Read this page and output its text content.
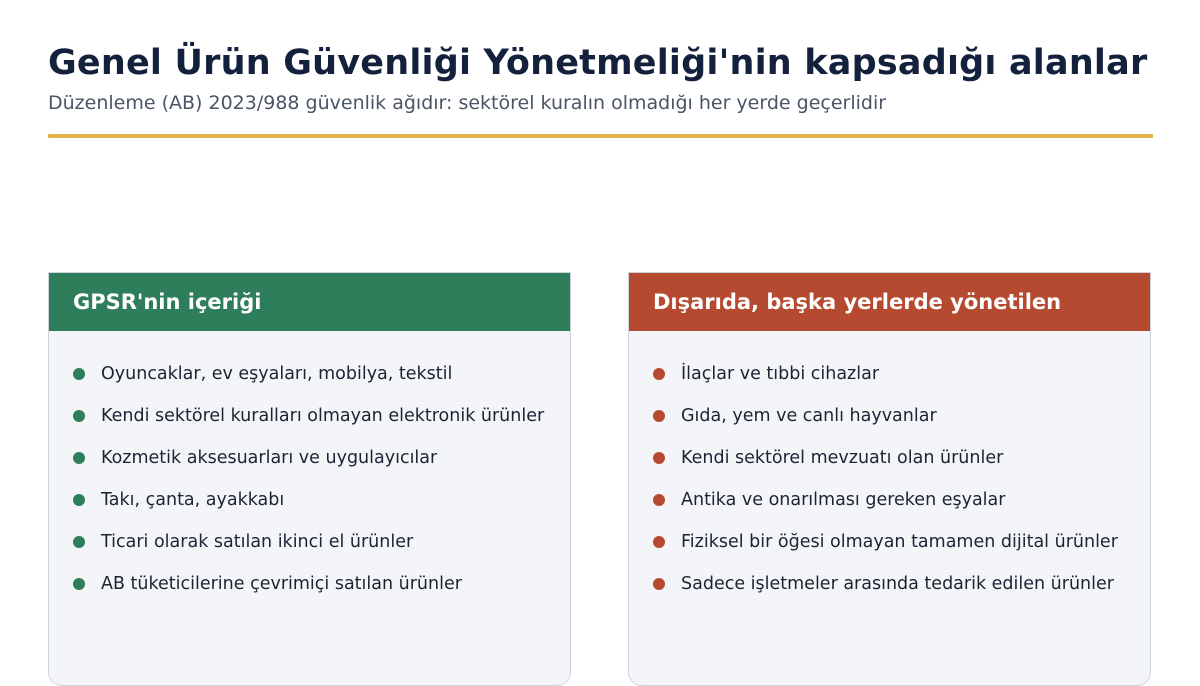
Genel Ürün Güvenliği Yönetmeliği'nin kapsadığı alanlar

Düzenleme (AB) 2023/988 güvenlik ağıdır: sektörel kuralın olmadığı her yerde geçerlidir

GPSR'nin içeriği
Oyuncaklar, ev eşyaları, mobilya, tekstil
Kendi sektörel kuralları olmayan elektronik ürünler
Kozmetik aksesuarları ve uygulayıcılar
Takı, çanta, ayakkabı
Ticari olarak satılan ikinci el ürünler
AB tüketicilerine çevrimiçi satılan ürünler
Dışarıda, başka yerlerde yönetilen
İlaçlar ve tıbbi cihazlar
Gıda, yem ve canlı hayvanlar
Kendi sektörel mevzuatı olan ürünler
Antika ve onarılması gereken eşyalar
Fiziksel bir öğesi olmayan tamamen dijital ürünler
Sadece işletmeler arasında tedarik edilen ürünler
